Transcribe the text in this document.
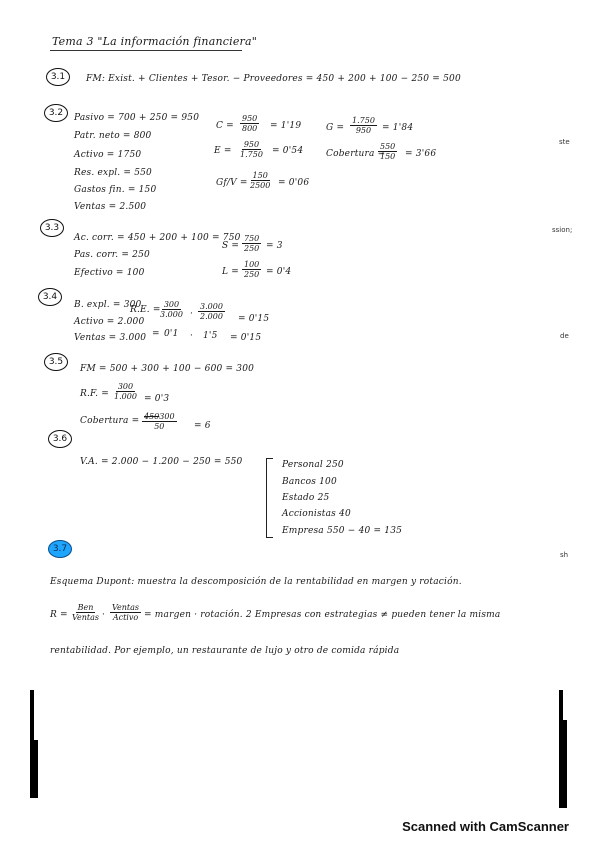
Tema 3 "La información financiera"
3.1	FM: Exist. + Clientes + Tesor. − Proveedores = 450 + 200 + 100 − 250 = 500
3.2	Pasivo = 700 + 250 = 950
Patr. neto = 800
Activo = 1750
Res. expl. = 550
Gastos fin. = 150
Ventas = 2.500
$C = \frac{950}{800} = 1'19$
$E = \frac{950}{1.750} = 0'54$
$G = \frac{1.750}{950} = 1'84$
Cobertura =
$\frac{550}{150} = 3'66$
$Gf/V = \frac{150}{2500} = 0'06$
3.3
Ac. corr. = 450 + 200 + 100 = 750
Pas. corr. = 250
Efectivo = 100
$S = \frac{750}{250} = 3$
$L = \frac{100}{250} = 0'4$
3.4
B. expl. = 300
Activo = 2.000
Ventas = 3.000
R.E. =
$\frac{300}{3.000} \cdot \frac{3.000}{2.000} = 0'15$
= 0'1 · 1'5 = 0'15
3.5
FM = 500 + 300 + 100 − 600 = 300
R.F. = $\frac{300}{1.000} = 0'3$
Cobertura = $\frac{450300}{50} = 6$
3.6
V.A. = 2.000 − 1.200 − 250 = 550	Personal 250
Bancos 100
Estado 25
Accionistas 40
Empresa 550 − 40 = 135
3.7
Esquema Dupont: muestra la descomposición de la rentabilidad en margen y rotación.
R =
Ben
Ventas ·
Ventas
Activo = margen · rotación. 2 Empresas con estrategias ≠ pueden tener la misma
rentabilidad. Por ejemplo, un restaurante de lujo y otro de comida rápida
ste
ssion;
de
sh
Scanned with CamScanner
